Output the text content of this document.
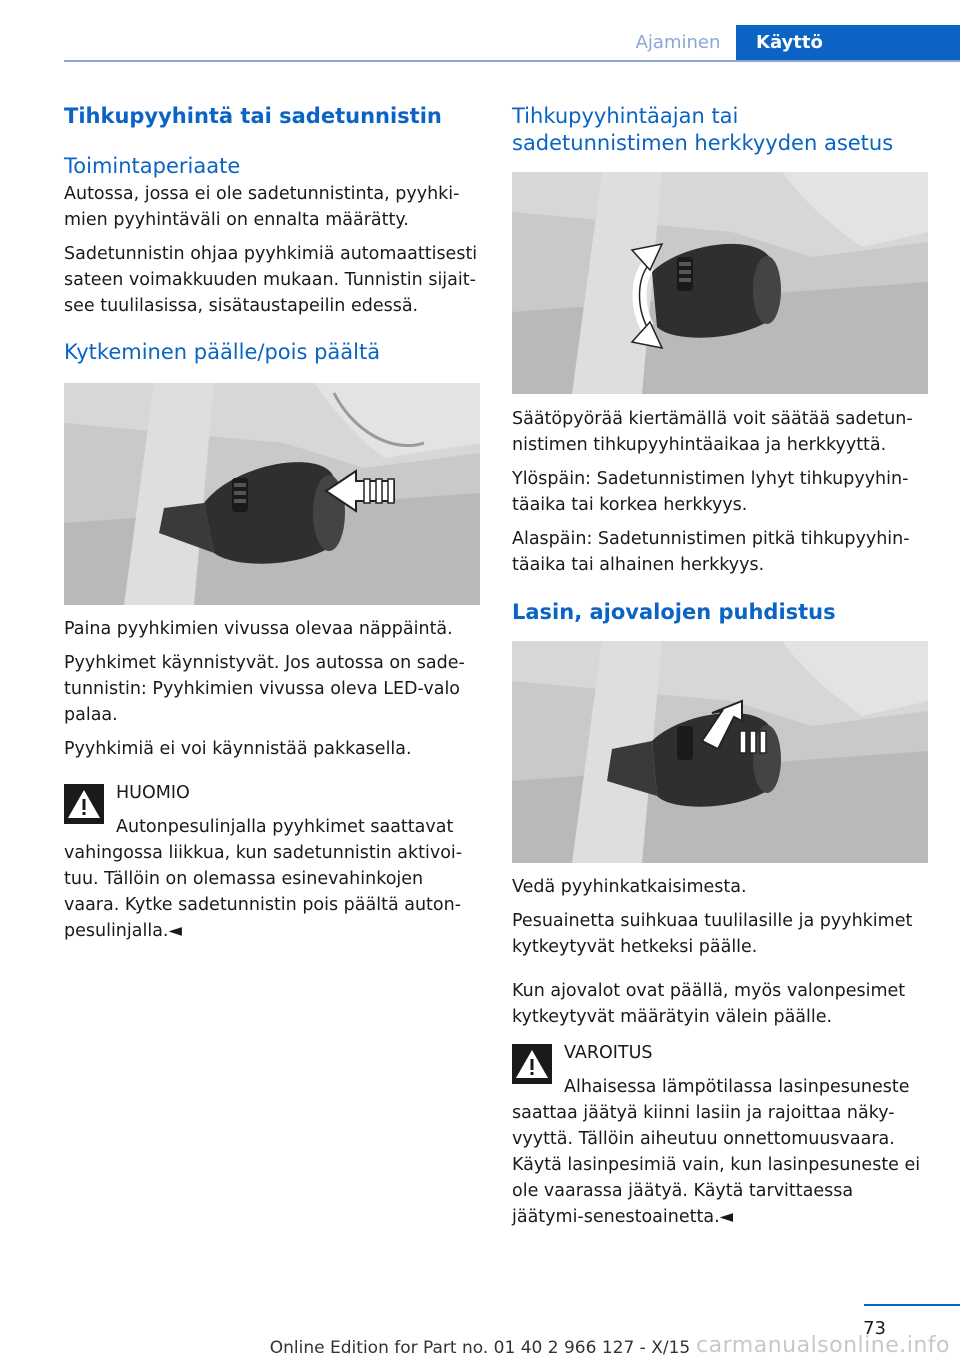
Ajaminen	Käyttö
Tihkupyyhintä tai sadetunnistin
Toimintaperiaate

Autossa, jossa ei ole sadetunnistinta, pyyhki-mien pyyhintäväli on ennalta määrätty.

Sadetunnistin ohjaa pyyhkimiä automaattisesti sateen voimakkuuden mukaan. Tunnistin sijait-see tuulilasissa, sisätaustapeilin edessä.

Kytkeminen päälle/pois päältä

Paina pyyhkimien vivussa olevaa näppäintä.

Pyyhkimet käynnistyvät. Jos autossa on sade-tunnistin: Pyyhkimien vivussa oleva LED-valo palaa.

Pyyhkimiä ei voi käynnistää pakkasella.

HUOMIO
Autonpesulinjalla pyyhkimet saattavat
vahingossa liikkua, kun sadetunnistin aktivoi-tuu. Tällöin on olemassa esinevahinkojen vaara. Kytke sadetunnistin pois päältä auton-pesulinjalla.◄
Tihkupyyhintäajan tai sadetunnistimen herkkyyden asetus

Säätöpyörää kiertämällä voit säätää sadetun-nistimen tihkupyyhintäaikaa ja herkkyyttä.

Ylöspäin: Sadetunnistimen lyhyt tihkupyyhin-täaika tai korkea herkkyys.

Alaspäin: Sadetunnistimen pitkä tihkupyyhin-täaika tai alhainen herkkyys.

Lasin, ajovalojen puhdistus

Vedä pyyhinkatkaisimesta.

Pesuainetta suihkuaa tuulilasille ja pyyhkimet kytkeytyvät hetkeksi päälle.

Kun ajovalot ovat päällä, myös valonpesimet kytkeytyvät määrätyin välein päälle.

VAROITUS
Alhaisessa lämpötilassa lasinpesuneste
saattaa jäätyä kiinni lasiin ja rajoittaa näky-vyyttä. Tällöin aiheutuu onnettomuusvaara. Käytä lasinpesimiä vain, kun lasinpesuneste ei ole vaarassa jäätyä. Käytä tarvittaessa jäätymi-senestoainetta.◄
73
Online Edition for Part no. 01 40 2 966 127 - X/15 carmanualsonline.info
